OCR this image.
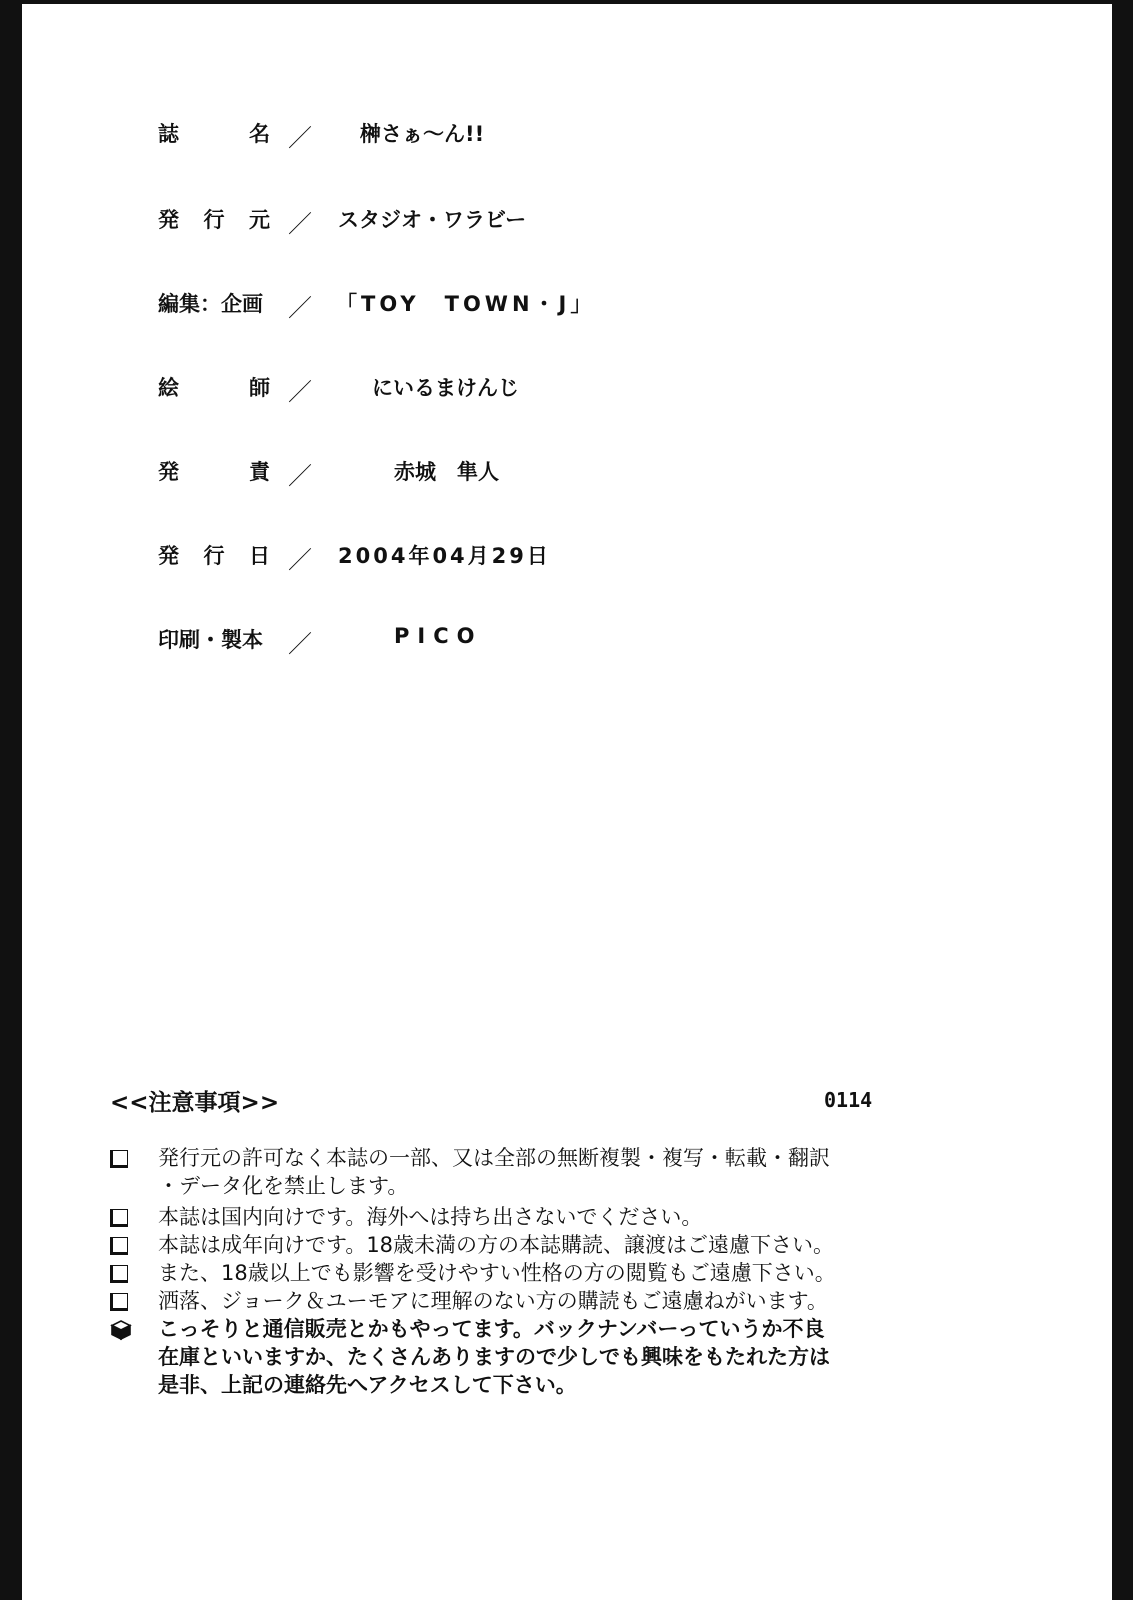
誌	名 ／ 榊さぁ～ん!!
発 行 元 ／ スタジオ・ワラビー
編集：企画 ／ 「TOY　TOWN・J」
絵	師 ／	にいるまけんじ
発	責 ／	赤城　隼人
発 行 日 ／ 2004年04月29日
印刷・製本 ／	PICO
<<注意事項>>	0114
発行元の許可なく本誌の一部、又は全部の無断複製・複写・転載・翻訳
・データ化を禁止します。
本誌は国内向けです。海外へは持ち出さないでください。
本誌は成年向けです。18歳未満の方の本誌購読、譲渡はご遠慮下さい。
また、18歳以上でも影響を受けやすい性格の方の閲覧もご遠慮下さい。
洒落、ジョーク＆ユーモアに理解のない方の購読もご遠慮ねがいます。
こっそりと通信販売とかもやってます。バックナンバーっていうか不良
在庫といいますか、たくさんありますので少しでも興味をもたれた方は
是非、上記の連絡先へアクセスして下さい。
